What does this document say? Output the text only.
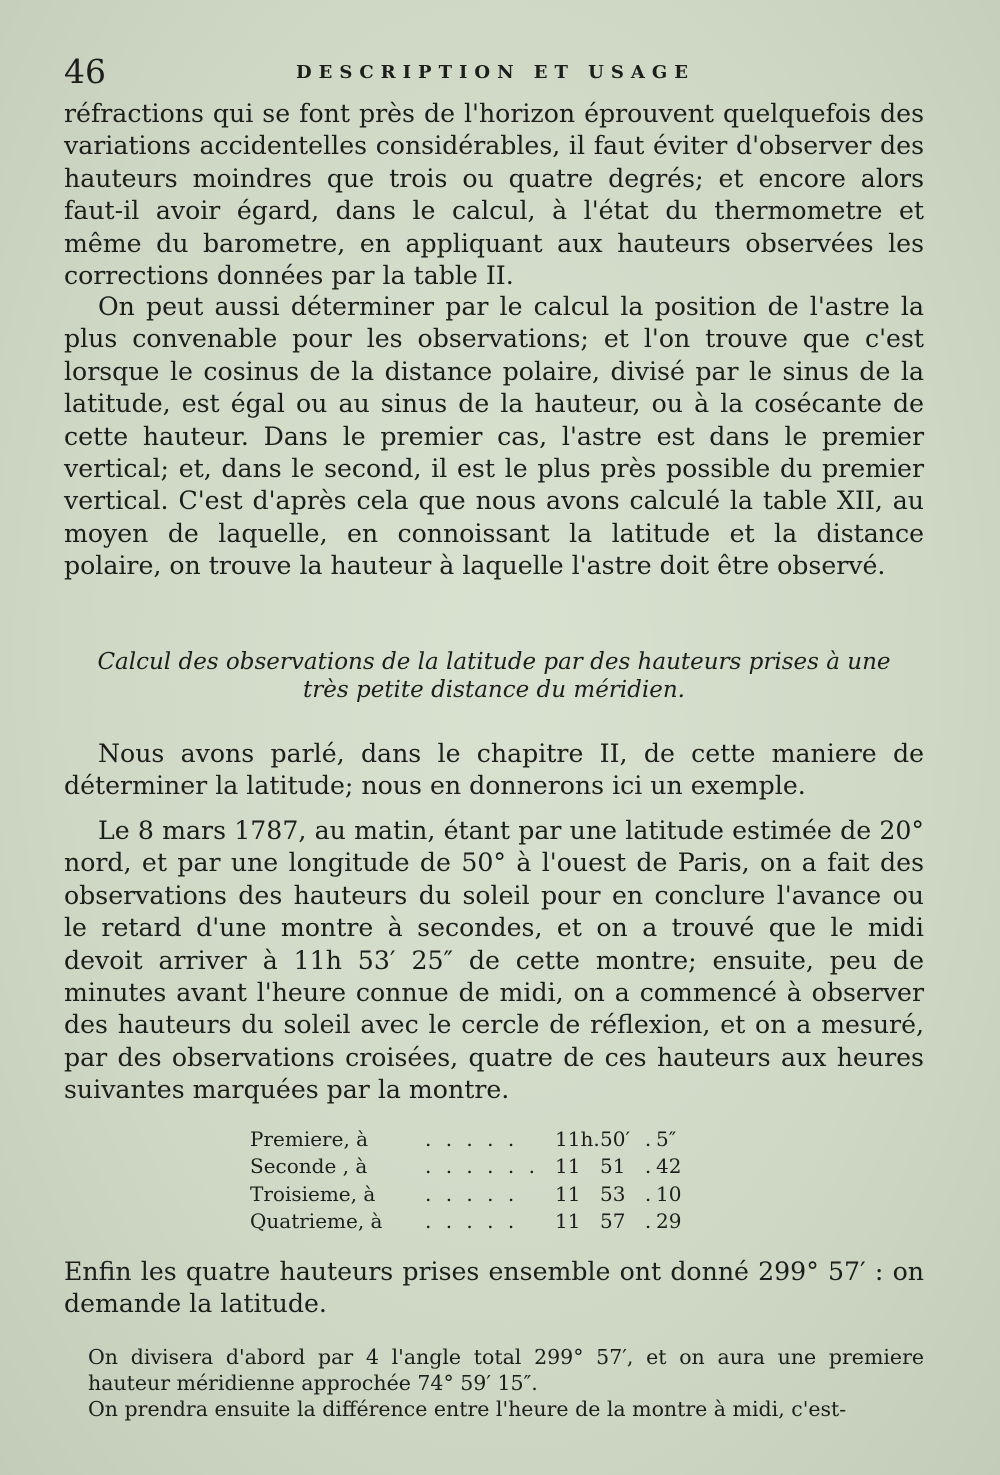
46	DESCRIPTION ET USAGE

réfractions qui se font près de l'horizon éprouvent quelquefois des variations accidentelles considérables, il faut éviter d'observer des hauteurs moindres que trois ou quatre degrés; et encore alors faut-il avoir égard, dans le calcul, à l'état du thermometre et même du barometre, en appliquant aux hauteurs observées les corrections données par la table II.

On peut aussi déterminer par le calcul la position de l'astre la plus convenable pour les observations; et l'on trouve que c'est lorsque le cosinus de la distance polaire, divisé par le sinus de la latitude, est égal ou au sinus de la hauteur, ou à la cosécante de cette hauteur. Dans le premier cas, l'astre est dans le premier vertical; et, dans le second, il est le plus près possible du premier vertical. C'est d'après cela que nous avons calculé la table XII, au moyen de laquelle, en connoissant la latitude et la distance polaire, on trouve la hauteur à laquelle l'astre doit être observé.

Calcul des observations de la latitude par des hauteurs prises à une
très petite distance du méridien.

Nous avons parlé, dans le chapitre II, de cette maniere de déterminer la latitude; nous en donnerons ici un exemple.

Le 8 mars 1787, au matin, étant par une latitude estimée de 20° nord, et par une longitude de 50° à l'ouest de Paris, on a fait des observations des hauteurs du soleil pour en conclure l'avance ou le retard d'une montre à secondes, et on a trouvé que le midi devoit arriver à 11h 53′ 25″ de cette montre; ensuite, peu de minutes avant l'heure connue de midi, on a commencé à observer des hauteurs du soleil avec le cercle de réflexion, et on a mesuré, par des observations croisées, quatre de ces hauteurs aux heures suivantes marquées par la montre.

Premiere, à	. . . . .	11h. 50′ . 5″
Seconde , à	. . . . . . 11 51 . 42
Troisieme, à	. . . . .	11 53 . 10
Quatrieme, à	. . . . .	11 57 . 29

Enfin les quatre hauteurs prises ensemble ont donné 299° 57′ : on demande la latitude.

On divisera d'abord par 4 l'angle total 299° 57′, et on aura une premiere hauteur méridienne approchée 74° 59′ 15″.

On prendra ensuite la différence entre l'heure de la montre à midi, c'est-
